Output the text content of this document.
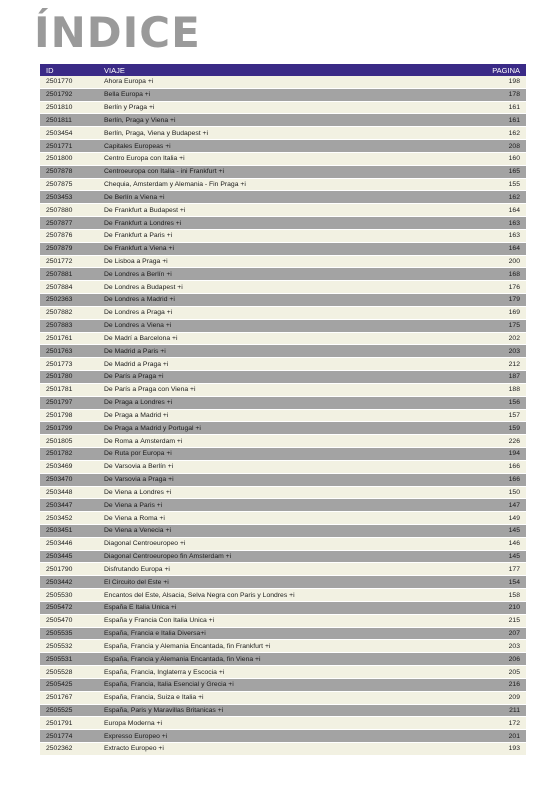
ÍNDICE
ID	VIAJE	PAGINA
2501770	Ahora Europa +i	198
2501792	Bella Europa +i	178
2501810	Berlín y Praga +i	161
2501811	Berlín, Praga y Viena +i	161
2503454	Berlín, Praga, Viena y Budapest +i	162
2501771	Capitales Europeas +i	208
2501800	Centro Europa con Italia +i	160
2507878	Centroeuropa con Italia - ini Frankfurt +i	165
2507875	Chequia, Ámsterdam y Alemania - Fin Praga +i	155
2503453	De Berlín a Viena +i	162
2507880	De Frankfurt a Budapest +i	164
2507877	De Frankfurt a Londres +i	163
2507876	De Frankfurt a Paris +i	163
2507879	De Frankfurt a Viena +i	164
2501772	De Lisboa a Praga +i	200
2507881	De Londres a Berlín +i	168
2507884	De Londres a Budapest +i	176
2502363	De Londres a Madrid +i	179
2507882	De Londres a Praga +i	169
2507883	De Londres a Viena +i	175
2501761	De Madrí a Barcelona +i	202
2501763	De Madrid a Paris +i	203
2501773	De Madrid a Praga +i	212
2501780	De París a Praga +i	187
2501781	De París a Praga con Viena +i	188
2501797	De Praga a Londres +i	156
2501798	De Praga a Madrid +i	157
2501799	De Praga a Madrid y Portugal +i	159
2501805	De Roma a Ámsterdam +i	226
2501782	De Ruta por Europa +i	194
2503469	De Varsovia a Berlín +i	166
2503470	De Varsovia a Praga +i	166
2503448	De Viena a Londres +i	150
2503447	De Viena a Paris +i	147
2503452	De Viena a Roma +i	149
2503451	De Viena a Venecia +i	145
2503446	Diagonal Centroeuropeo +i	146
2503445	Diagonal Centroeuropeo fin Ámsterdam +i	145
2501790	Disfrutando Europa +i	177
2503442	El Circuito del Este +i	154
2505530	Encantos del Este, Alsacia, Selva Negra con Paris y Londres +i	158
2505472	España E Italia Única +i	210
2505470	España y Francia Con Italia Única +i	215
2505535	España, Francia e Italia Diversa+i	207
2505532	España, Francia y Alemania Encantada, fin Frankfurt +i	203
2505531	España, Francia y Alemania Encantada, fin Viena +i	206
2505528	España, Francia, Inglaterra y Escocia +i	205
2505425	España, Francia, Italia Esencial y Grecia +i	216
2501767	España, Francia, Suiza e Italia +i	209
2505525	España, Paris y Maravillas Britanicas +i	211
2501791	Europa Moderna +i	172
2501774	Expresso Europeo +i	201
2502362	Extracto Europeo +i	193
